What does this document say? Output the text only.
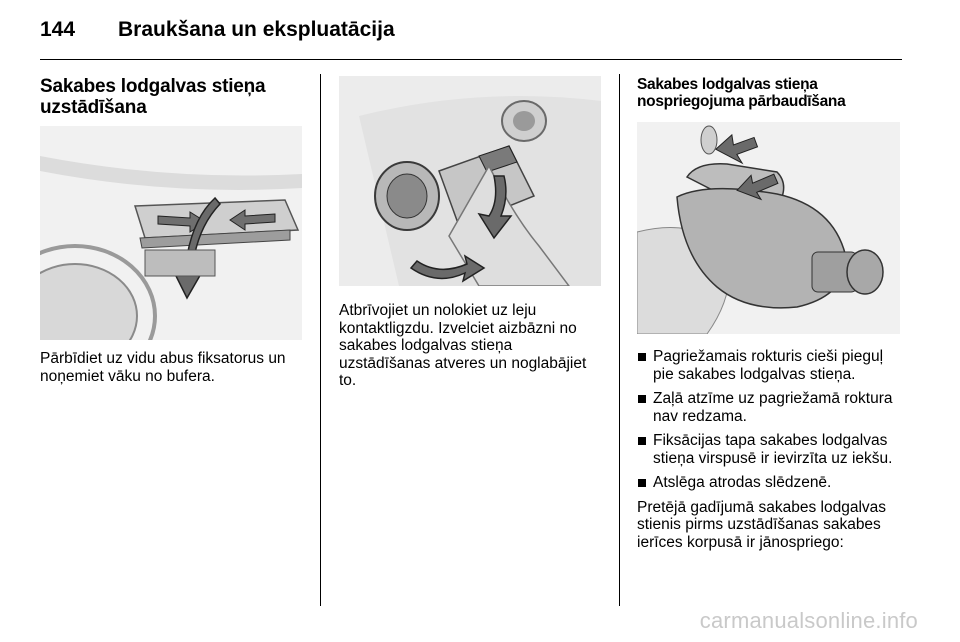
144	Braukšana un ekspluatācija
Sakabes lodgalvas stieņa
uzstādīšana

Pārbīdiet uz vidu abus fiksatorus un noņemiet vāku no bufera.

Atbrīvojiet un nolokiet uz leju kontaktligzdu. Izvelciet aizbāzni no sakabes lodgalvas stieņa uzstādīšanas atveres un noglabājiet to.

Sakabes lodgalvas stieņa
nospriegojuma pārbaudīšana
Pagriežamais rokturis cieši pieguļ pie sakabes lodgalvas stieņa.
Zaļā atzīme uz pagriežamā roktura nav redzama.
Fiksācijas tapa sakabes lodgalvas stieņa virspusē ir ievirzīta uz iekšu.
Atslēga atrodas slēdzenē.

Pretējā gadījumā sakabes lodgalvas stienis pirms uzstādīšanas sakabes ierīces korpusā ir jānospriego:

carmanualsonline.info
